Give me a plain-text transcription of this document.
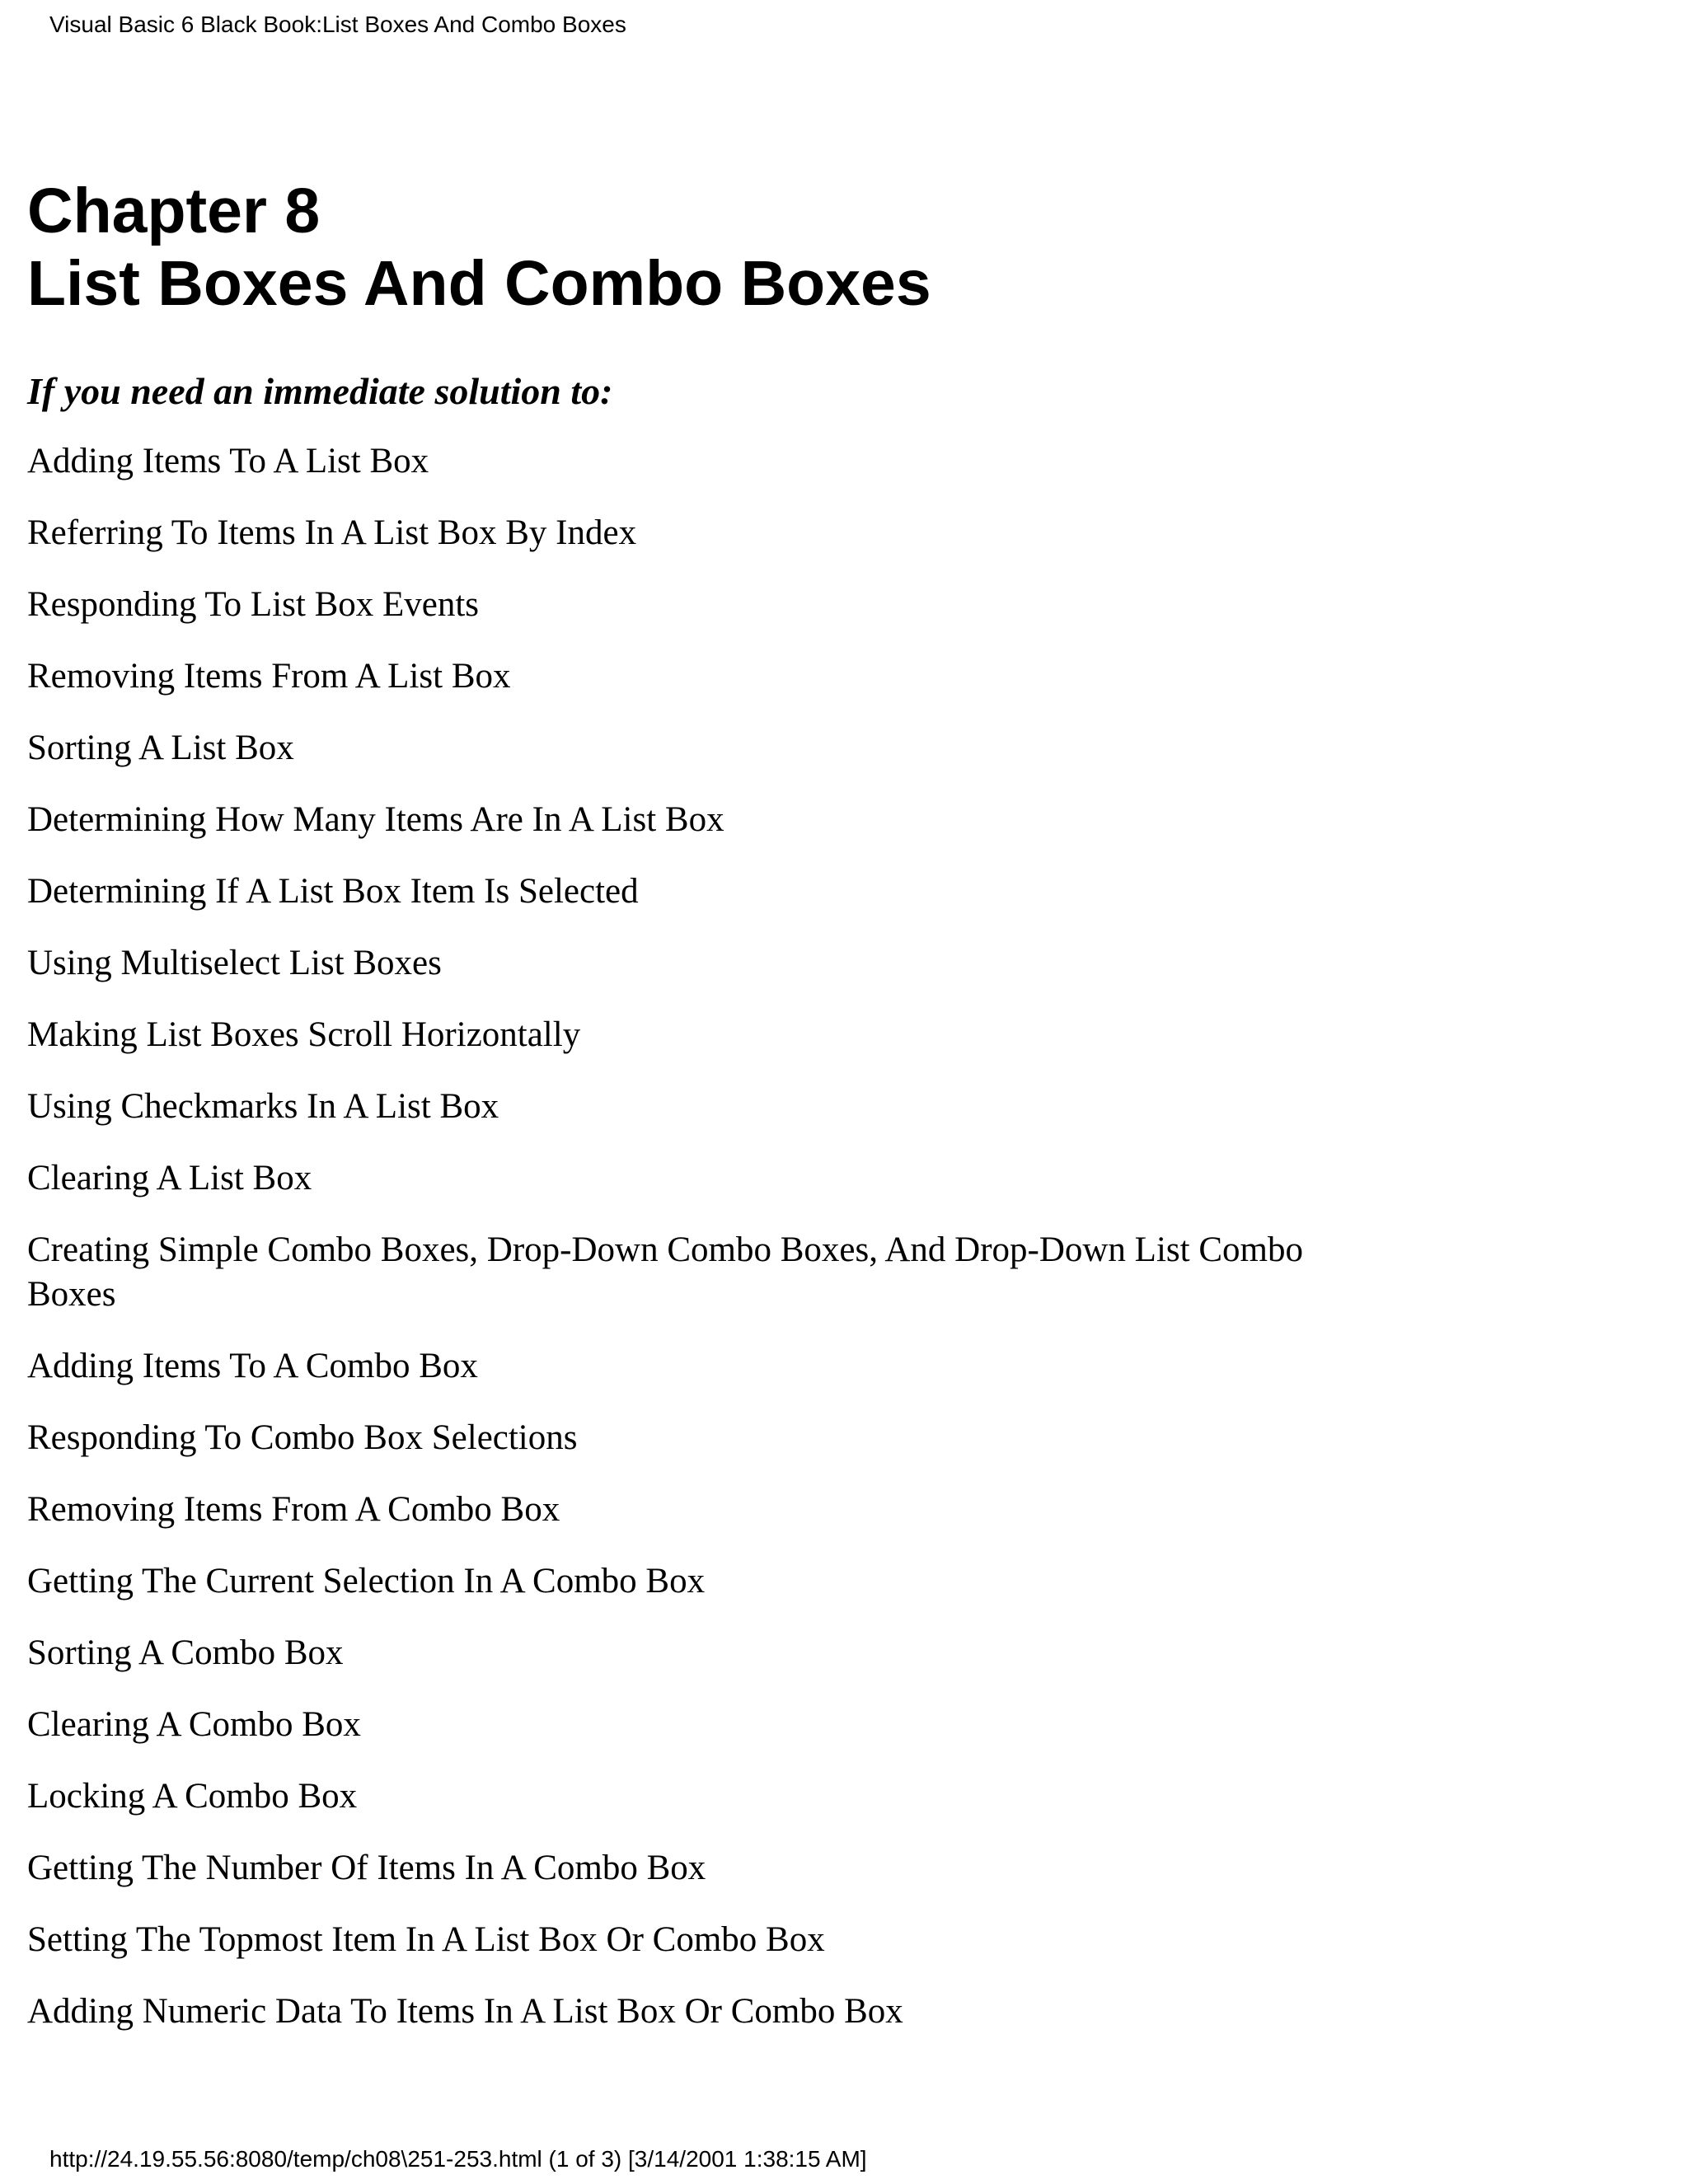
Visual Basic 6 Black Book:List Boxes And Combo Boxes
Chapter 8
List Boxes And Combo Boxes

If you need an immediate solution to:

Adding Items To A List Box
Referring To Items In A List Box By Index
Responding To List Box Events
Removing Items From A List Box
Sorting A List Box
Determining How Many Items Are In A List Box
Determining If A List Box Item Is Selected
Using Multiselect List Boxes
Making List Boxes Scroll Horizontally
Using Checkmarks In A List Box
Clearing A List Box
Creating Simple Combo Boxes, Drop-Down Combo Boxes, And Drop-Down List Combo Boxes
Adding Items To A Combo Box
Responding To Combo Box Selections
Removing Items From A Combo Box
Getting The Current Selection In A Combo Box
Sorting A Combo Box
Clearing A Combo Box
Locking A Combo Box
Getting The Number Of Items In A Combo Box
Setting The Topmost Item In A List Box Or Combo Box
Adding Numeric Data To Items In A List Box Or Combo Box
http://24.19.55.56:8080/temp/ch08\251-253.html (1 of 3) [3/14/2001 1:38:15 AM]
